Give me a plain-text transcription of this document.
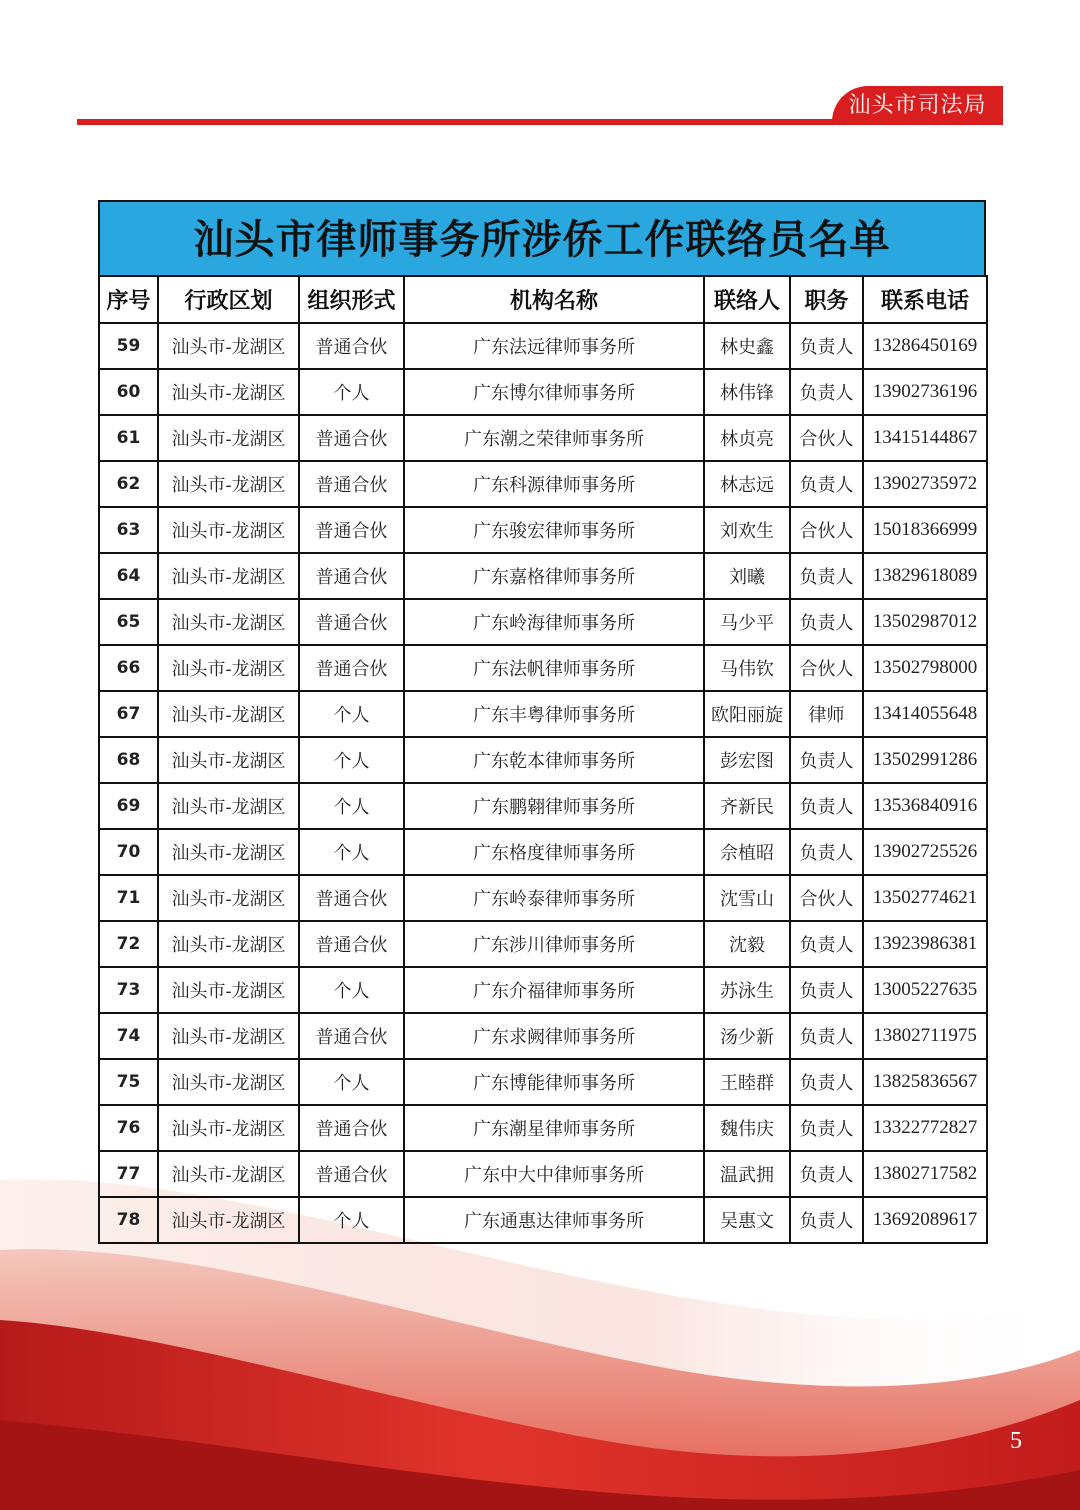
汕头市司法局
汕头市律师事务所涉侨工作联络员名单
序号	行政区划	组织形式	机构名称	联络人	职务	联系电话
59	汕头市-龙湖区	普通合伙	广东法远律师事务所	林史鑫	负责人	13286450169
60	汕头市-龙湖区	个人	广东博尔律师事务所	林伟锋	负责人	13902736196
61	汕头市-龙湖区	普通合伙	广东潮之荣律师事务所	林贞亮	合伙人	13415144867
62	汕头市-龙湖区	普通合伙	广东科源律师事务所	林志远	负责人	13902735972
63	汕头市-龙湖区	普通合伙	广东骏宏律师事务所	刘欢生	合伙人	15018366999
64	汕头市-龙湖区	普通合伙	广东嘉格律师事务所	刘曦	负责人	13829618089
65	汕头市-龙湖区	普通合伙	广东岭海律师事务所	马少平	负责人	13502987012
66	汕头市-龙湖区	普通合伙	广东法帆律师事务所	马伟钦	合伙人	13502798000
67	汕头市-龙湖区	个人	广东丰粤律师事务所	欧阳丽旋	律师	13414055648
68	汕头市-龙湖区	个人	广东乾本律师事务所	彭宏图	负责人	13502991286
69	汕头市-龙湖区	个人	广东鹏翱律师事务所	齐新民	负责人	13536840916
70	汕头市-龙湖区	个人	广东格度律师事务所	佘植昭	负责人	13902725526
71	汕头市-龙湖区	普通合伙	广东岭泰律师事务所	沈雪山	合伙人	13502774621
72	汕头市-龙湖区	普通合伙	广东涉川律师事务所	沈毅	负责人	13923986381
73	汕头市-龙湖区	个人	广东介福律师事务所	苏泳生	负责人	13005227635
74	汕头市-龙湖区	普通合伙	广东求阙律师事务所	汤少新	负责人	13802711975
75	汕头市-龙湖区	个人	广东博能律师事务所	王睦群	负责人	13825836567
76	汕头市-龙湖区	普通合伙	广东潮星律师事务所	魏伟庆	负责人	13322772827
77	汕头市-龙湖区	普通合伙	广东中大中律师事务所	温武拥	负责人	13802717582
78	汕头市-龙湖区	个人	广东通惠达律师事务所	吴惠文	负责人	13692089617
5
